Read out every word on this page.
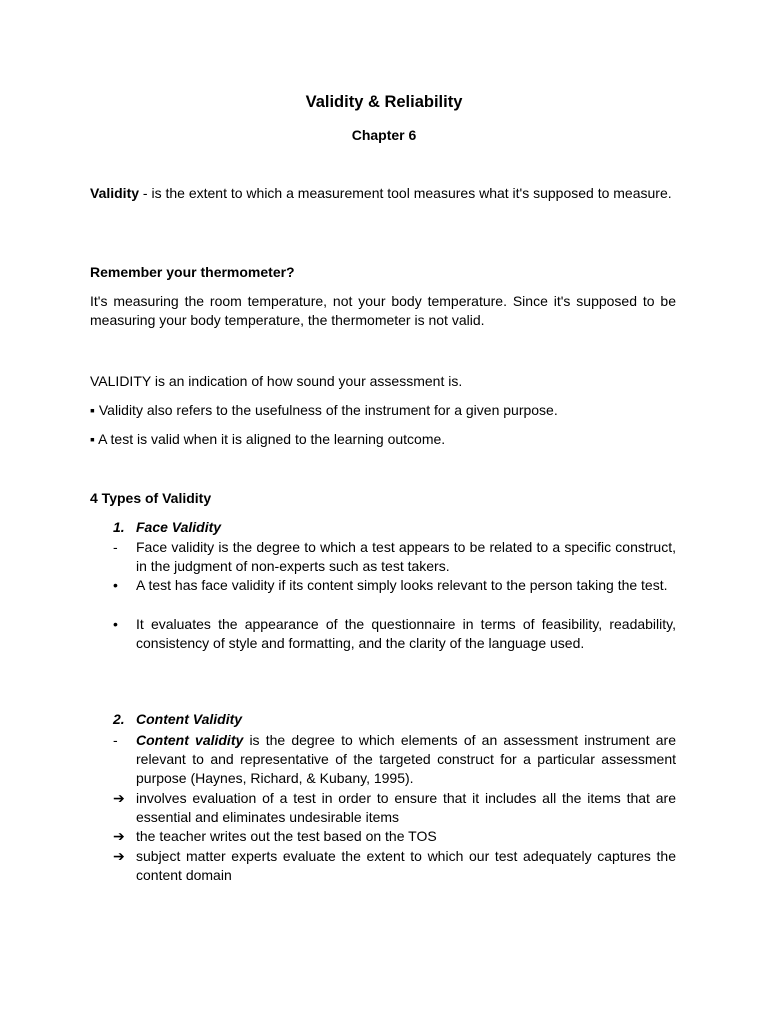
Validity & Reliability
Chapter 6

Validity - is the extent to which a measurement tool measures what it's supposed to measure.

Remember your thermometer?

It's measuring the room temperature, not your body temperature. Since it's supposed to be measuring your body temperature, the thermometer is not valid.

VALIDITY is an indication of how sound your assessment is.
▪ Validity also refers to the usefulness of the instrument for a given purpose.
▪ A test is valid when it is aligned to the learning outcome.
4 Types of Validity
1. Face Validity
-	Face validity is the degree to which a test appears to be related to a specific construct, in the judgment of non-experts such as test takers.

•	A test has face validity if its content simply looks relevant to the person taking the test.

•	It evaluates the appearance of the questionnaire in terms of feasibility, readability, consistency of style and formatting, and the clarity of the language used.

2. Content Validity
-	Content validity is the degree to which elements of an assessment instrument are relevant to and representative of the targeted construct for a particular assessment purpose (Haynes, Richard, & Kubany, 1995).

➔ involves evaluation of a test in order to ensure that it includes all the items that are essential and eliminates undesirable items

➔ the teacher writes out the test based on the TOS

➔ subject matter experts evaluate the extent to which our test adequately captures the content domain
